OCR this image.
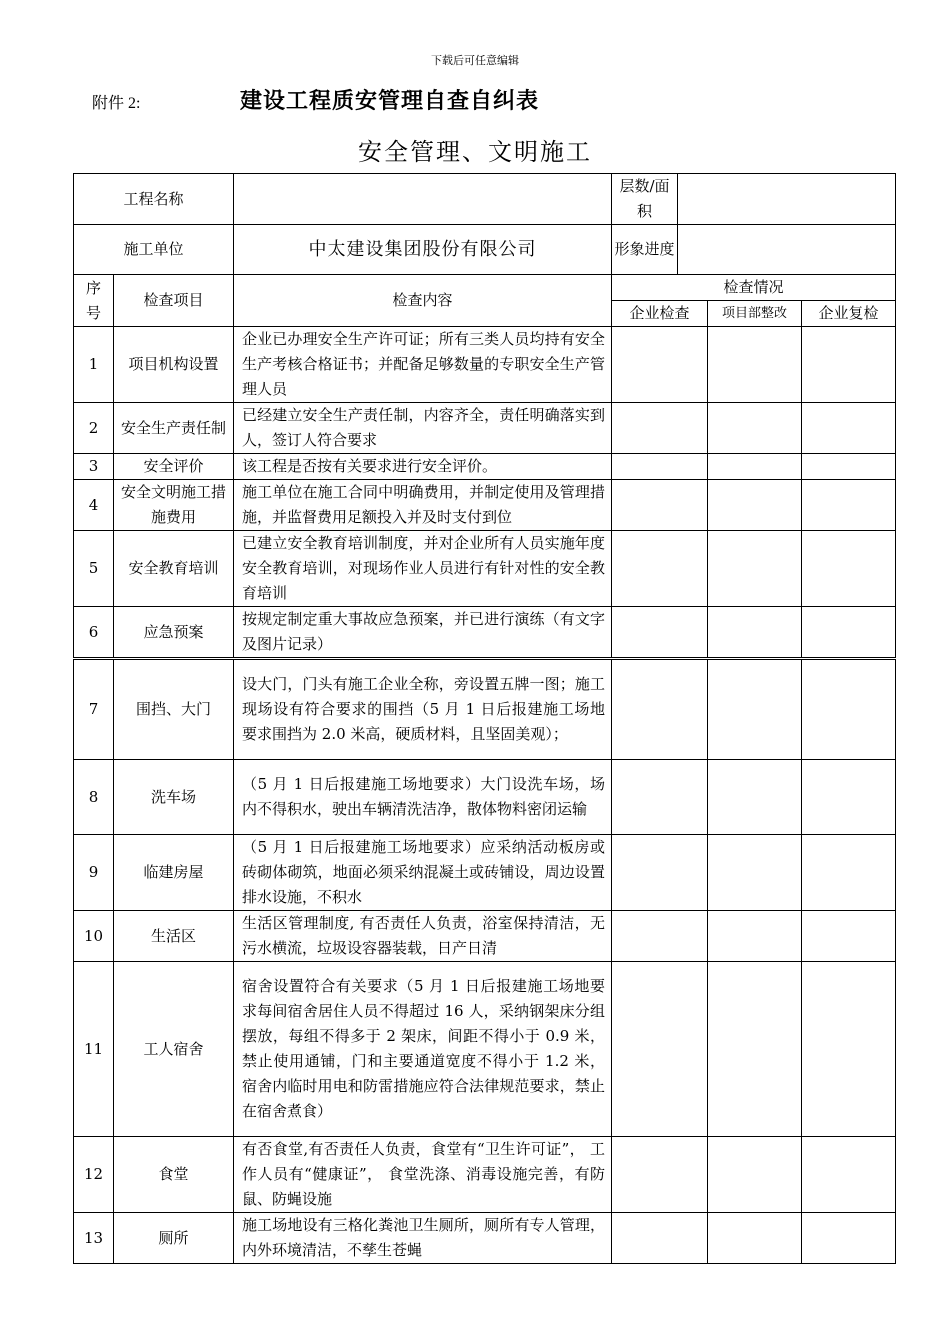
下载后可任意编辑
附件 2:	建设工程质安管理自查自纠表
安全管理、文明施工
工程名称			层数/面积			
施工单位		中太建设集团股份有限公司	形象进度			
序号	检查项目	检查内容	检查情况			
			企业检查		项目部整改	企业复检
1	项目机构设置	企业已办理安全生产许可证；所有三类人员均持有安全生产考核合格证书；并配备足够数量的专职安全生产管理人员				
2	安全生产责任制	已经建立安全生产责任制，内容齐全，责任明确落实到人，签订人符合要求				
3	安全评价	该工程是否按有关要求进行安全评价。				
4	安全文明施工措施费用	施工单位在施工合同中明确费用，并制定使用及管理措施，并监督费用足额投入并及时支付到位				
5	安全教育培训	已建立安全教育培训制度，并对企业所有人员实施年度安全教育培训，对现场作业人员进行有针对性的安全教育培训				
6	应急预案	按规定制定重大事故应急预案，并已进行演练（有文字及图片记录）				
7	围挡、大门	设大门，门头有施工企业全称，旁设置五牌一图；施工现场设有符合要求的围挡（5 月 1 日后报建施工场地要求围挡为 2.0 米高，硬质材料，且坚固美观）；				
8	洗车场	（5 月 1 日后报建施工场地要求）大门设洗车场，场内不得积水，驶出车辆清洗洁净，散体物料密闭运输				
9	临建房屋	（5 月 1 日后报建施工场地要求）应采纳活动板房或砖砌体砌筑，地面必须采纳混凝土或砖铺设，周边设置排水设施，不积水				
10	生活区	生活区管理制度, 有否责任人负责，浴室保持清洁，无污水横流，垃圾设容器装载，日产日清				
11	工人宿舍	宿舍设置符合有关要求（5 月 1 日后报建施工场地要求每间宿舍居住人员不得超过 16 人，采纳钢架床分组摆放，每组不得多于 2 架床，间距不得小于 0.9 米，禁止使用通铺，门和主要通道宽度不得小于 1.2 米，宿舍内临时用电和防雷措施应符合法律规范要求，禁止在宿舍煮食）				
12	食堂	有否食堂,有否责任人负责，食堂有“卫生许可证”， 工作人员有“健康证”， 食堂洗涤、消毒设施完善，有防鼠、防蝇设施				
13	厕所	施工场地设有三格化粪池卫生厕所，厕所有专人管理，内外环境清洁，不孳生苍蝇				
